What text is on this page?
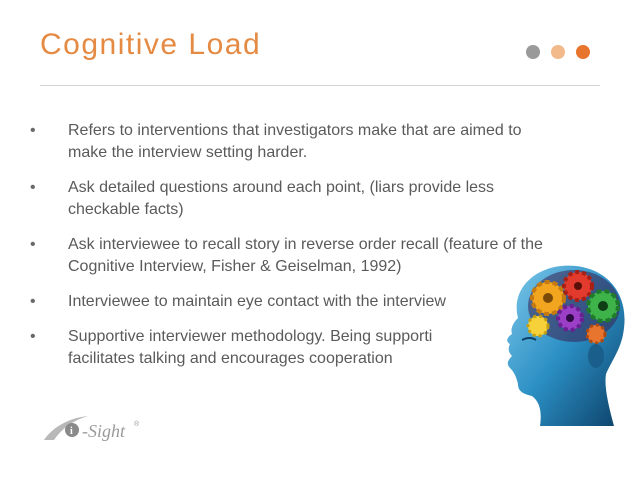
Cognitive Load
• Refers to interventions that investigators make that are aimed to
make the interview setting harder.
• Ask detailed questions around each point, (liars provide less
checkable facts)
• Ask interviewee to recall story in reverse order recall (feature of the
Cognitive Interview, Fisher & Geiselman, 1992)
• Interviewee to maintain eye contact with the interview
• Supportive interviewer methodology. Being supporti
facilitates talking and encourages cooperation
i -Sight ®
